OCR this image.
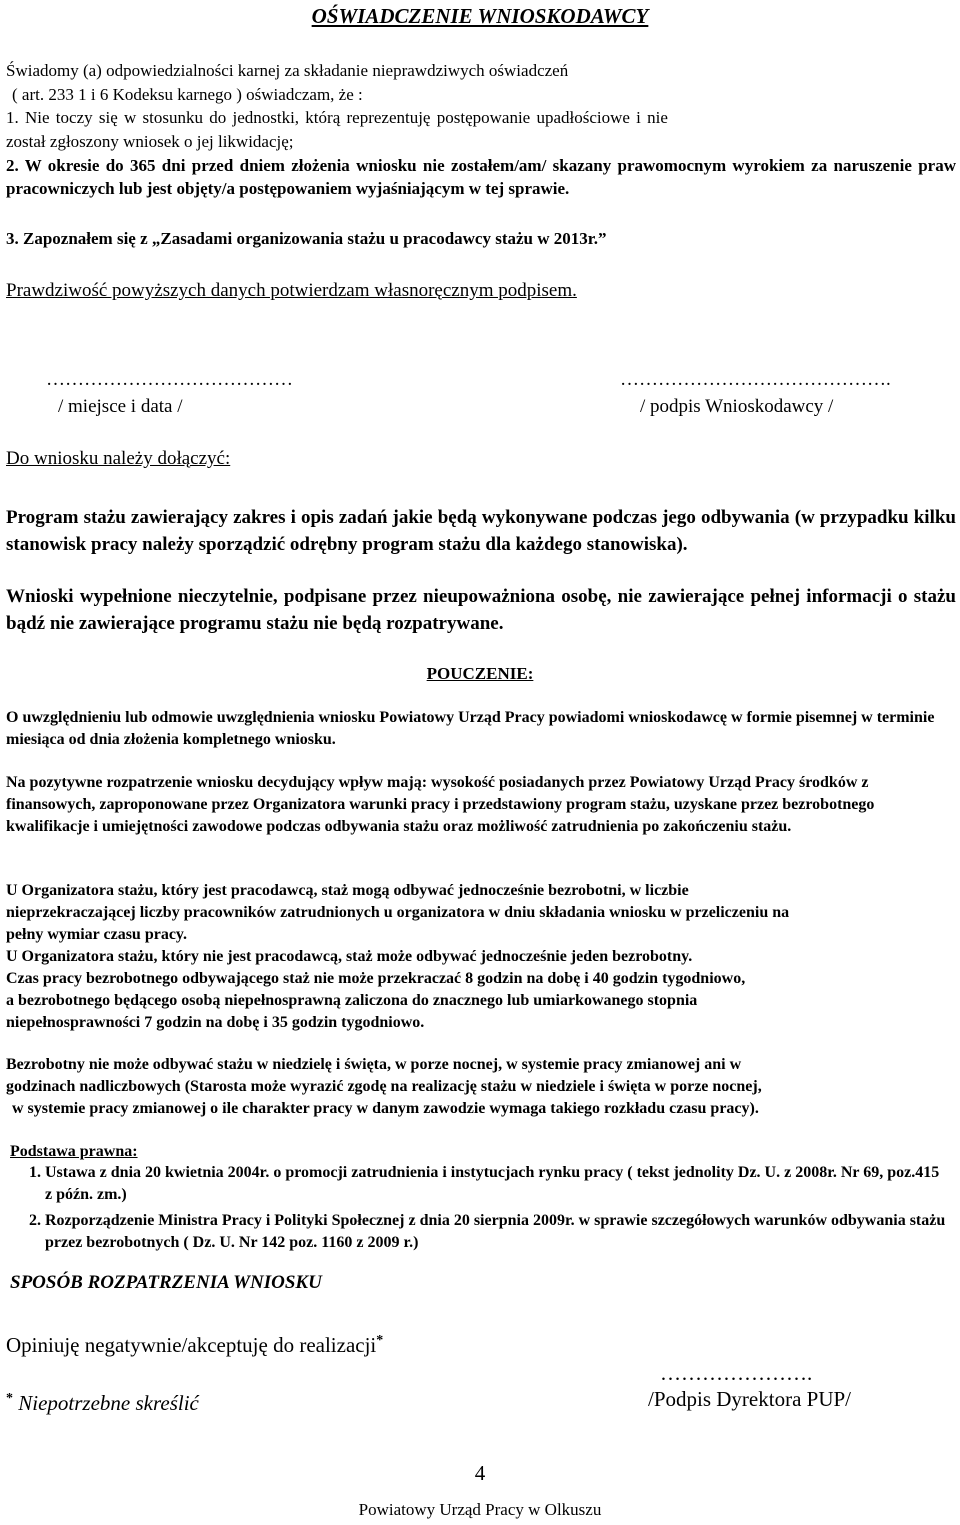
OŚWIADCZENIE WNIOSKODAWCY
Świadomy (a) odpowiedzialności karnej za składanie nieprawdziwych oświadczeń
( art. 233 1 i 6 Kodeksu karnego ) oświadczam, że :
1. Nie toczy się w stosunku do jednostki, którą reprezentuję postępowanie upadłościowe i nie
został zgłoszony wniosek o jej likwidację;
2. W okresie do 365 dni przed dniem złożenia wniosku nie zostałem/am/ skazany prawomocnym wyrokiem za naruszenie praw pracowniczych lub jest objęty/a postępowaniem wyjaśniającym w tej sprawie.
3. Zapoznałem się z „Zasadami organizowania stażu u pracodawcy stażu w 2013r.”
Prawdziwość powyższych danych potwierdzam własnoręcznym podpisem.
…………………………………	…………………………………….
/ miejsce i data /	/ podpis Wnioskodawcy /
Do wniosku należy dołączyć:
Program stażu zawierający zakres i opis zadań jakie będą wykonywane podczas jego odbywania (w przypadku kilku stanowisk pracy należy sporządzić odrębny program stażu dla każdego stanowiska).
Wnioski wypełnione nieczytelnie, podpisane przez nieupoważniona osobę, nie zawierające pełnej informacji o stażu bądź nie zawierające programu stażu nie będą rozpatrywane.
POUCZENIE:
O uwzględnieniu lub odmowie uwzględnienia wniosku Powiatowy Urząd Pracy powiadomi wnioskodawcę w formie pisemnej w terminie miesiąca od dnia złożenia kompletnego wniosku.
Na pozytywne rozpatrzenie wniosku decydujący wpływ mają: wysokość posiadanych przez Powiatowy Urząd Pracy środków z finansowych, zaproponowane przez Organizatora warunki pracy i przedstawiony program stażu, uzyskane przez bezrobotnego kwalifikacje i umiejętności zawodowe podczas odbywania stażu oraz możliwość zatrudnienia po zakończeniu stażu.
U Organizatora stażu, który jest pracodawcą, staż mogą odbywać jednocześnie bezrobotni, w liczbie
nieprzekraczającej liczby pracowników zatrudnionych u organizatora w dniu składania wniosku w przeliczeniu na
pełny wymiar czasu pracy.
U Organizatora stażu, który nie jest pracodawcą, staż może odbywać jednocześnie jeden bezrobotny.
Czas pracy bezrobotnego odbywającego staż nie może przekraczać 8 godzin na dobę i 40 godzin tygodniowo,
a bezrobotnego będącego osobą niepełnosprawną zaliczona do znacznego lub umiarkowanego stopnia
niepełnosprawności 7 godzin na dobę i 35 godzin tygodniowo.
Bezrobotny nie może odbywać stażu w niedzielę i święta, w porze nocnej, w systemie pracy zmianowej ani w
godzinach nadliczbowych (Starosta może wyrazić zgodę na realizację stażu w niedziele i święta w porze nocnej,
w systemie pracy zmianowej o ile charakter pracy w danym zawodzie wymaga takiego rozkładu czasu pracy).
Podstawa prawna:
1. Ustawa z dnia 20 kwietnia 2004r. o promocji zatrudnienia i instytucjach rynku pracy ( tekst jednolity Dz. U. z 2008r. Nr 69, poz.415 z późn. zm.)
2. Rozporządzenie Ministra Pracy i Polityki Społecznej z dnia 20 sierpnia 2009r. w sprawie szczegółowych warunków odbywania stażu przez bezrobotnych ( Dz. U. Nr 142 poz. 1160 z 2009 r.)
SPOSÓB ROZPATRZENIA WNIOSKU
Opiniuję negatywnie/akceptuję do realizacji*
………………….
* Niepotrzebne skreślić	/Podpis Dyrektora PUP/
4
Powiatowy Urząd Pracy w Olkuszu
